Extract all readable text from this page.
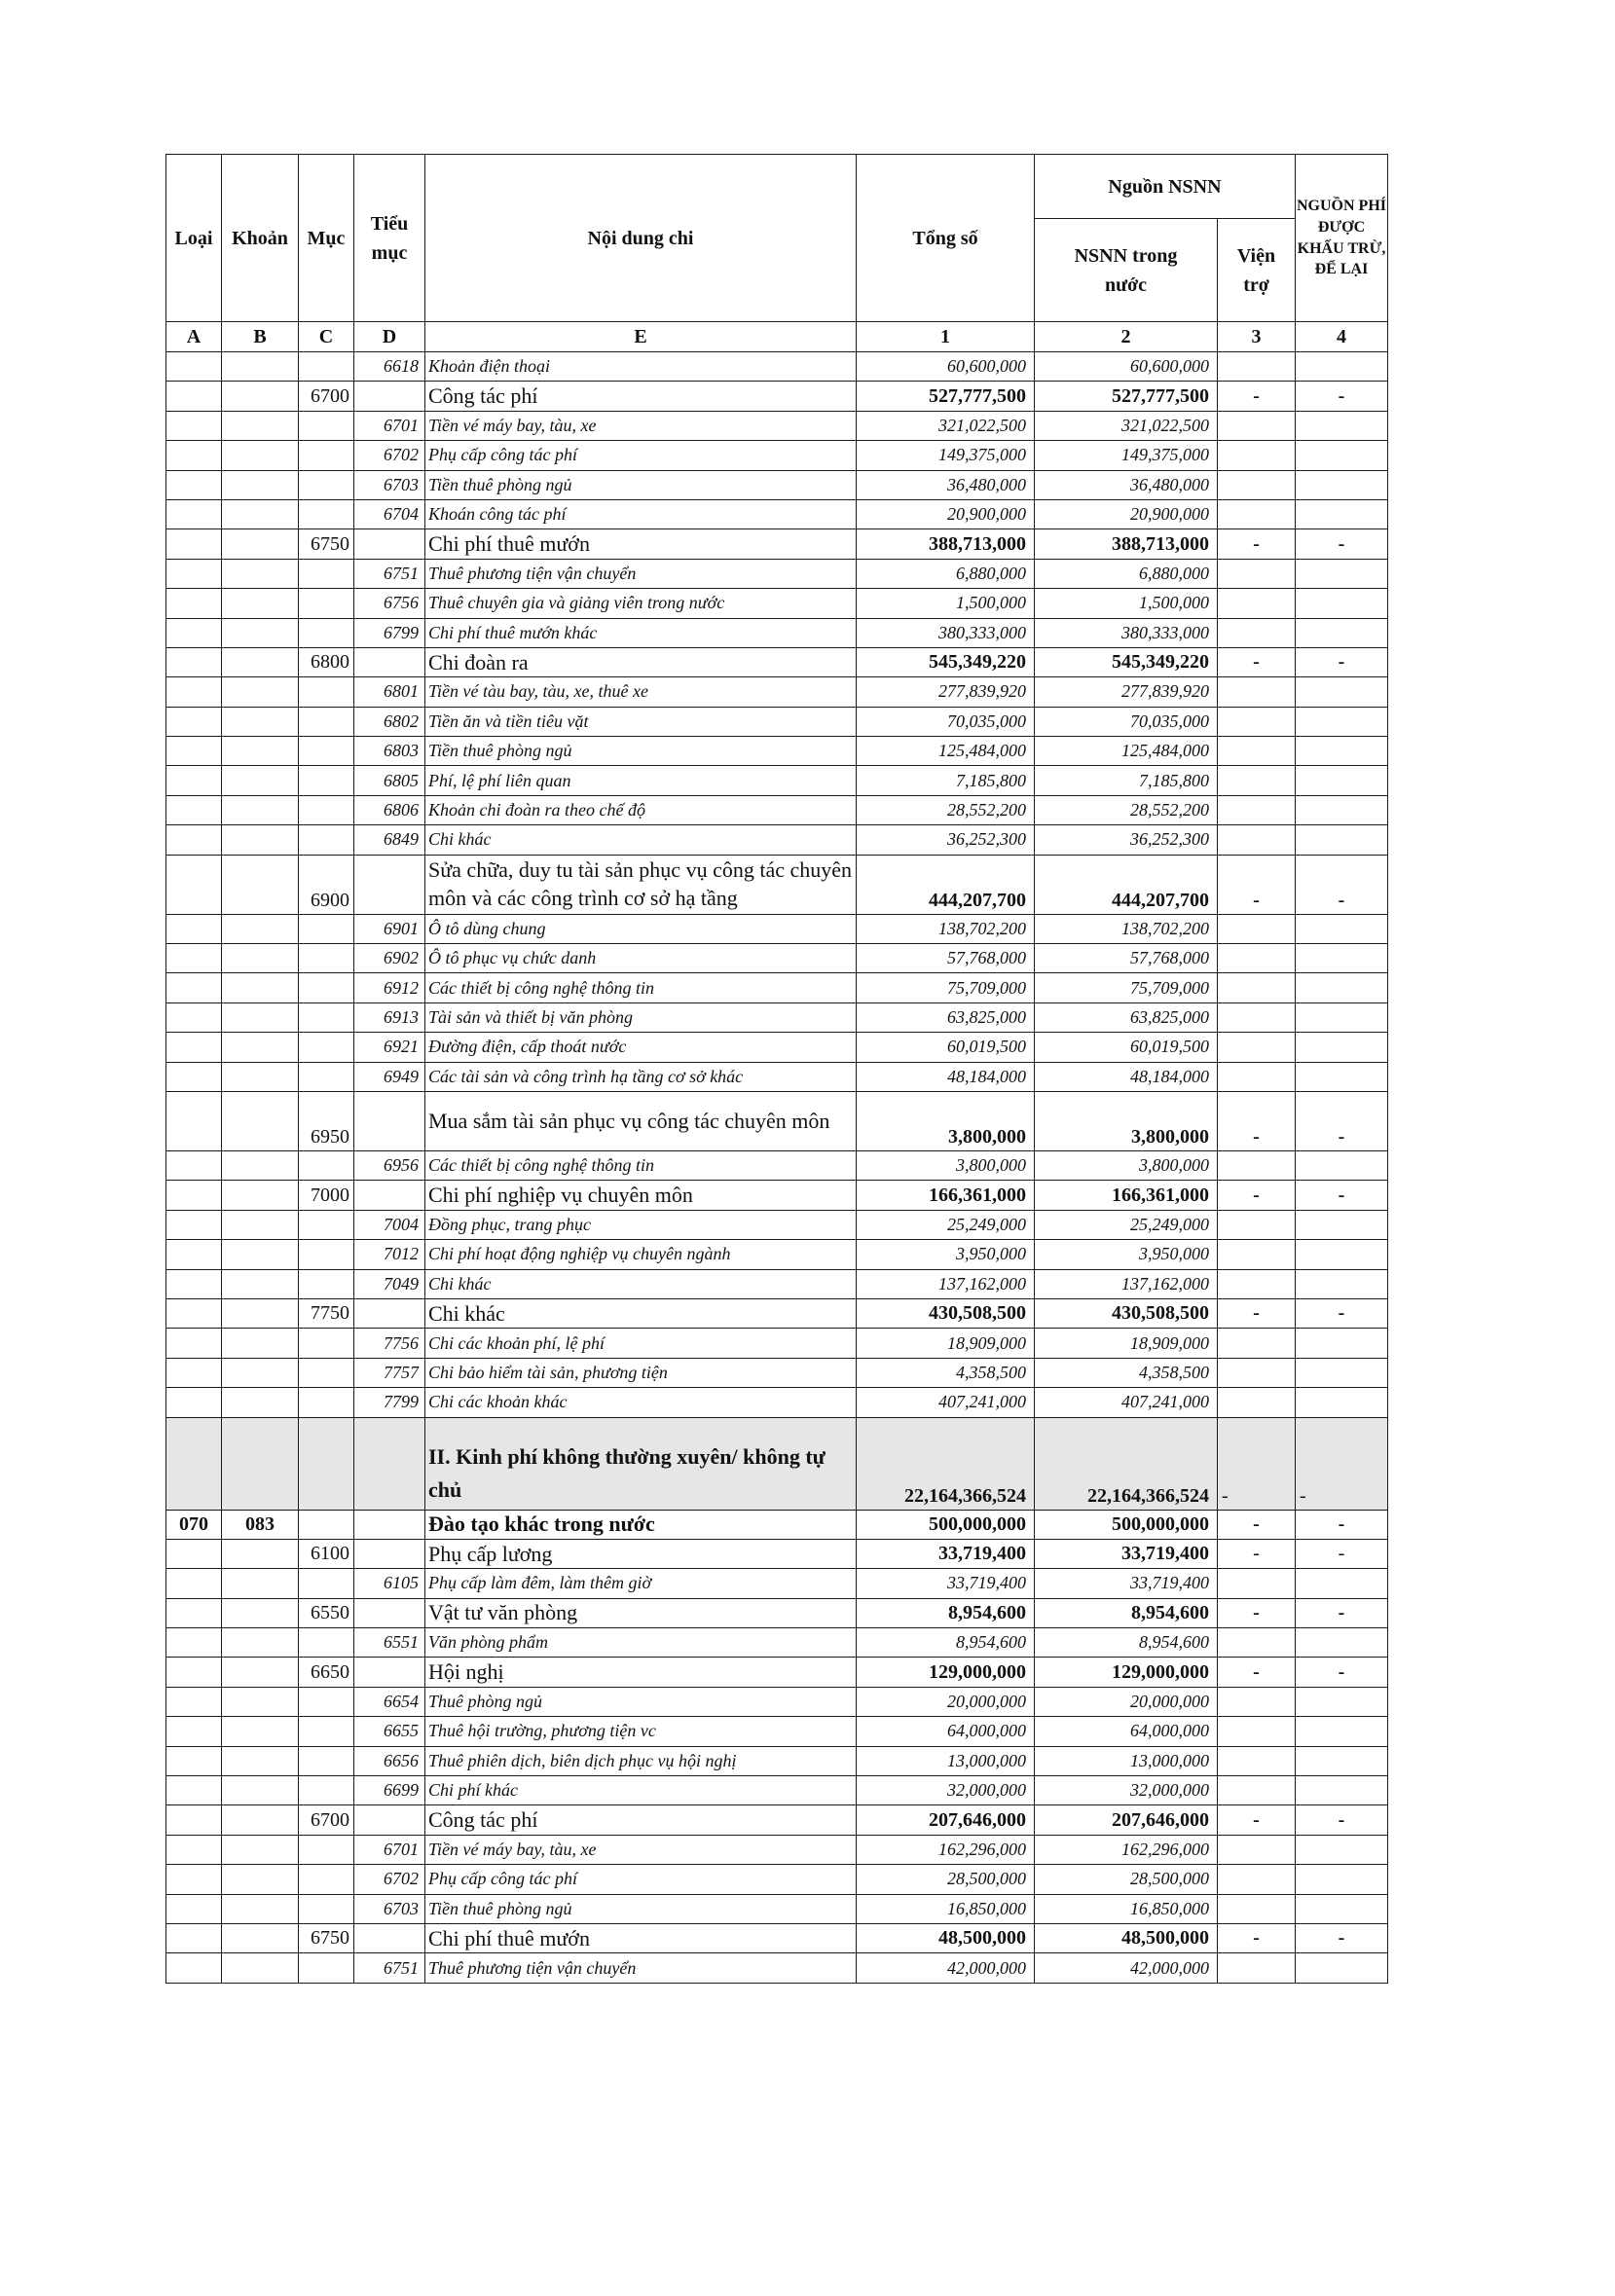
Loại	Khoản	Mục	Tiểu mục	Nội dung chi	Tổng số	Nguồn NSNN		NGUỒN PHÍ ĐƯỢC KHẤU TRỪ, ĐỂ LẠI
						NSNN trong nước	Viện trợ	
A	B	C	D	E	1	2	3	4
			6618	Khoản điện thoại	60,600,000	60,600,000		
		6700		Công tác phí	527,777,500	527,777,500	-	-
			6701	Tiền vé máy bay, tàu, xe	321,022,500	321,022,500		
			6702	Phụ cấp công tác phí	149,375,000	149,375,000		
			6703	Tiền thuê phòng ngủ	36,480,000	36,480,000		
			6704	Khoán công tác phí	20,900,000	20,900,000		
		6750		Chi phí thuê mướn	388,713,000	388,713,000	-	-
			6751	Thuê phương tiện vận chuyển	6,880,000	6,880,000		
			6756	Thuê chuyên gia và giảng viên trong nước	1,500,000	1,500,000		
			6799	Chi phí thuê mướn khác	380,333,000	380,333,000		
		6800		Chi đoàn ra	545,349,220	545,349,220	-	-
			6801	Tiền vé tàu bay, tàu, xe, thuê xe	277,839,920	277,839,920		
			6802	Tiền ăn và tiền tiêu vặt	70,035,000	70,035,000		
			6803	Tiền thuê phòng ngủ	125,484,000	125,484,000		
			6805	Phí, lệ phí liên quan	7,185,800	7,185,800		
			6806	Khoản chi đoàn ra theo chế độ	28,552,200	28,552,200		
			6849	Chi khác	36,252,300	36,252,300		
		6900		Sửa chữa, duy tu tài sản phục vụ công tác chuyên môn và các công trình cơ sở hạ tầng	444,207,700	444,207,700	-	-
			6901	Ô tô dùng chung	138,702,200	138,702,200		
			6902	Ô tô phục vụ chức danh	57,768,000	57,768,000		
			6912	Các thiết bị công nghệ thông tin	75,709,000	75,709,000		
			6913	Tài sản và thiết bị văn phòng	63,825,000	63,825,000		
			6921	Đường điện, cấp thoát nước	60,019,500	60,019,500		
			6949	Các tài sản và công trình hạ tầng cơ sở khác	48,184,000	48,184,000		
		6950		Mua sắm tài sản phục vụ công tác chuyên môn	3,800,000	3,800,000	-	-
			6956	Các thiết bị công nghệ thông tin	3,800,000	3,800,000		
		7000		Chi phí nghiệp vụ chuyên môn	166,361,000	166,361,000	-	-
			7004	Đồng phục, trang phục	25,249,000	25,249,000		
			7012	Chi phí hoạt động nghiệp vụ chuyên ngành	3,950,000	3,950,000		
			7049	Chi khác	137,162,000	137,162,000		
		7750		Chi khác	430,508,500	430,508,500	-	-
			7756	Chi các khoản phí, lệ phí	18,909,000	18,909,000		
			7757	Chi bảo hiểm tài sản, phương tiện	4,358,500	4,358,500		
			7799	Chi các khoản khác	407,241,000	407,241,000		
				II. Kinh phí không thường xuyên/ không tự chủ	22,164,366,524	22,164,366,524	-	-
070	083			Đào tạo khác trong nước	500,000,000	500,000,000	-	-
		6100		Phụ cấp lương	33,719,400	33,719,400	-	-
			6105	Phụ cấp làm đêm, làm thêm giờ	33,719,400	33,719,400		
		6550		Vật tư văn phòng	8,954,600	8,954,600	-	-
			6551	Văn phòng phẩm	8,954,600	8,954,600		
		6650		Hội nghị	129,000,000	129,000,000	-	-
			6654	Thuê phòng ngủ	20,000,000	20,000,000		
			6655	Thuê hội trường, phương tiện vc	64,000,000	64,000,000		
			6656	Thuê phiên dịch, biên dịch phục vụ hội nghị	13,000,000	13,000,000		
			6699	Chi phí khác	32,000,000	32,000,000		
		6700		Công tác phí	207,646,000	207,646,000	-	-
			6701	Tiền vé máy bay, tàu, xe	162,296,000	162,296,000		
			6702	Phụ cấp công tác phí	28,500,000	28,500,000		
			6703	Tiền thuê phòng ngủ	16,850,000	16,850,000		
		6750		Chi phí thuê mướn	48,500,000	48,500,000	-	-
			6751	Thuê phương tiện vận chuyển	42,000,000	42,000,000		
